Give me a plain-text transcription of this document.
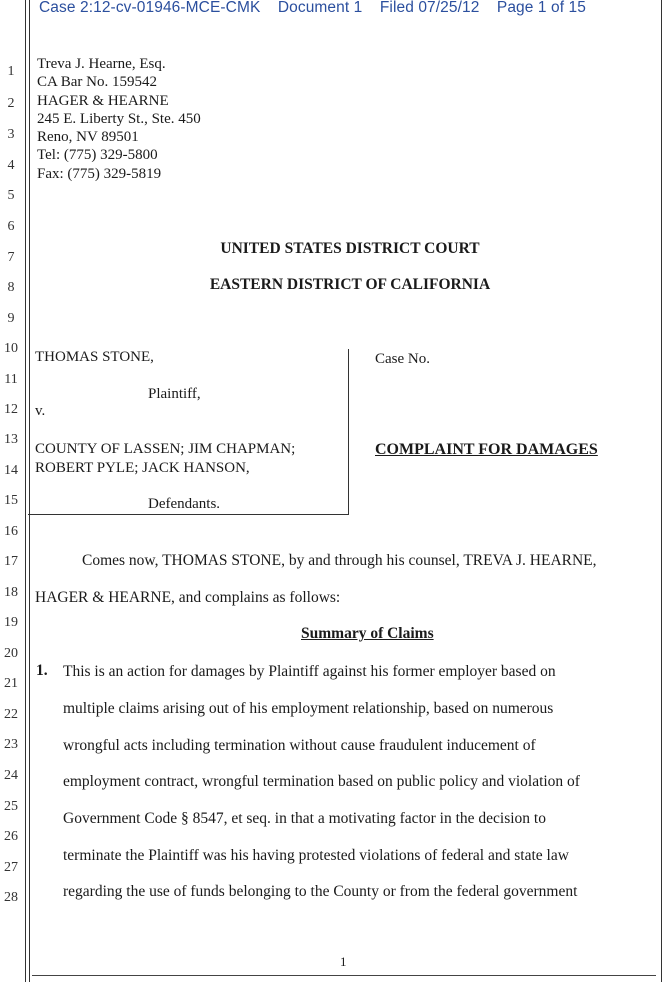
Case 2:12-cv-01946-MCE-CMK Document 1 Filed 07/25/12 Page 1 of 15
1
2
3
4
5
6
7
8
9
10
11
12
13
14
15
16
17
18
19
20
21
22
23
24
25
26
27
28
Treva J. Hearne, Esq.
CA Bar No. 159542
HAGER & HEARNE
245 E. Liberty St., Ste. 450
Reno, NV 89501
Tel: (775) 329-5800
Fax: (775) 329-5819
UNITED STATES DISTRICT COURT
EASTERN DISTRICT OF CALIFORNIA
THOMAS STONE,
Plaintiff,
v.
COUNTY OF LASSEN; JIM CHAPMAN;
ROBERT PYLE; JACK HANSON,
Defendants.
Case No.
COMPLAINT FOR DAMAGES
Comes now, THOMAS STONE, by and through his counsel, TREVA J. HEARNE,
HAGER & HEARNE, and complains as follows:
Summary of Claims
1. This is an action for damages by Plaintiff against his former employer based on
multiple claims arising out of his employment relationship, based on numerous
wrongful acts including termination without cause fraudulent inducement of
employment contract, wrongful termination based on public policy and violation of
Government Code § 8547, et seq. in that a motivating factor in the decision to
terminate the Plaintiff was his having protested violations of federal and state law
regarding the use of funds belonging to the County or from the federal government
1
